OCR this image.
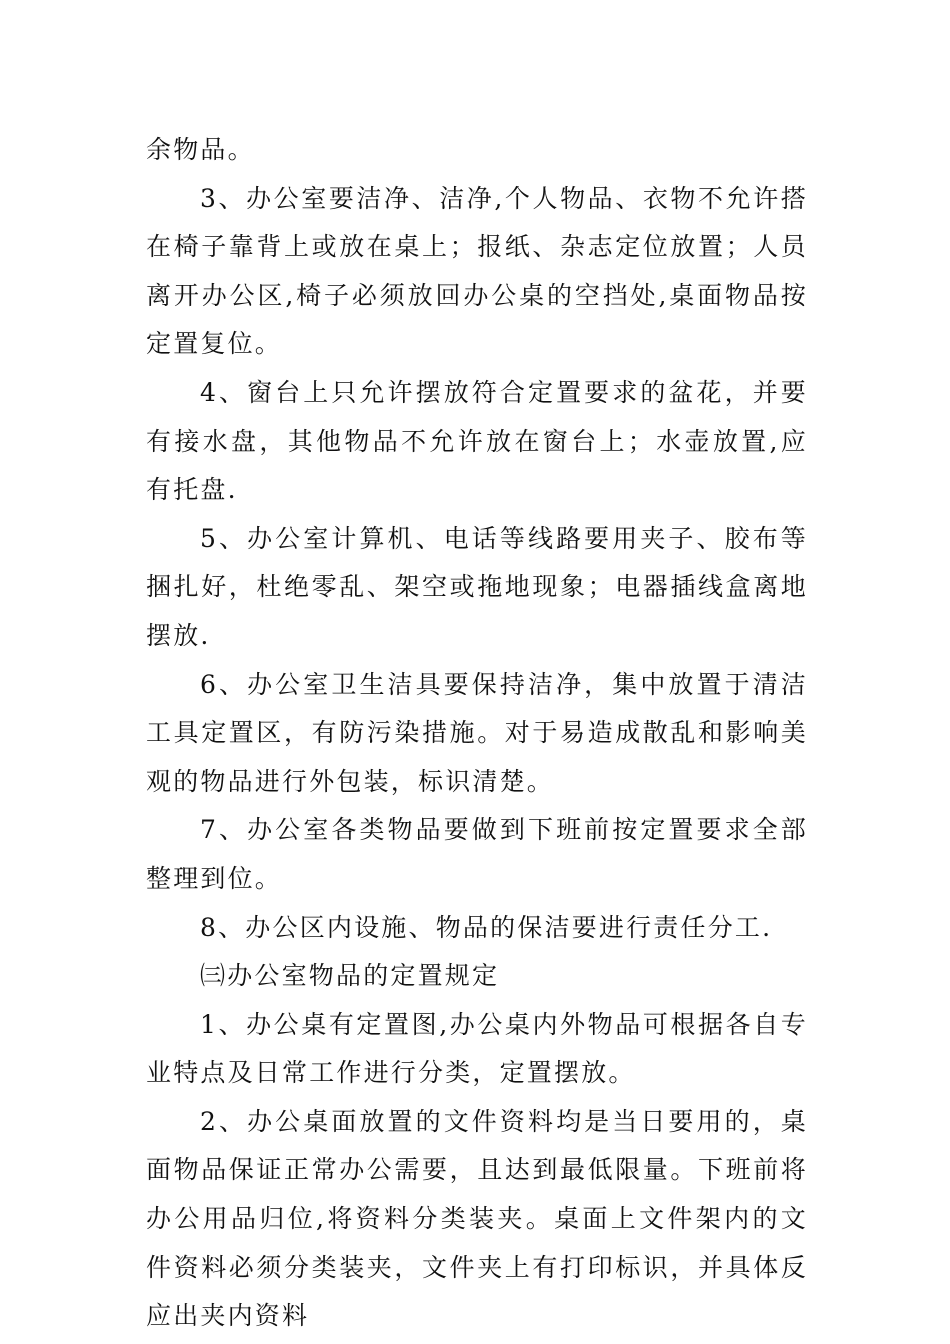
余物品。

3、办公室要洁净、洁净,个人物品、衣物不允许搭在椅子靠背上或放在桌上；报纸、杂志定位放置；人员离开办公区,椅子必须放回办公桌的空挡处,桌面物品按定置复位。

4、窗台上只允许摆放符合定置要求的盆花，并要有接水盘，其他物品不允许放在窗台上；水壶放置,应有托盘.

5、办公室计算机、电话等线路要用夹子、胶布等捆扎好，杜绝零乱、架空或拖地现象；电器插线盒离地摆放.

6、办公室卫生洁具要保持洁净，集中放置于清洁工具定置区，有防污染措施。对于易造成散乱和影响美观的物品进行外包装，标识清楚。

7、办公室各类物品要做到下班前按定置要求全部整理到位。

8、办公区内设施、物品的保洁要进行责任分工.

㈢办公室物品的定置规定

1、办公桌有定置图,办公桌内外物品可根据各自专业特点及日常工作进行分类，定置摆放。

2、办公桌面放置的文件资料均是当日要用的，桌面物品保证正常办公需要，且达到最低限量。下班前将办公用品归位,将资料分类装夹。桌面上文件架内的文件资料必须分类装夹，文件夹上有打印标识，并具体反应出夹内资料
